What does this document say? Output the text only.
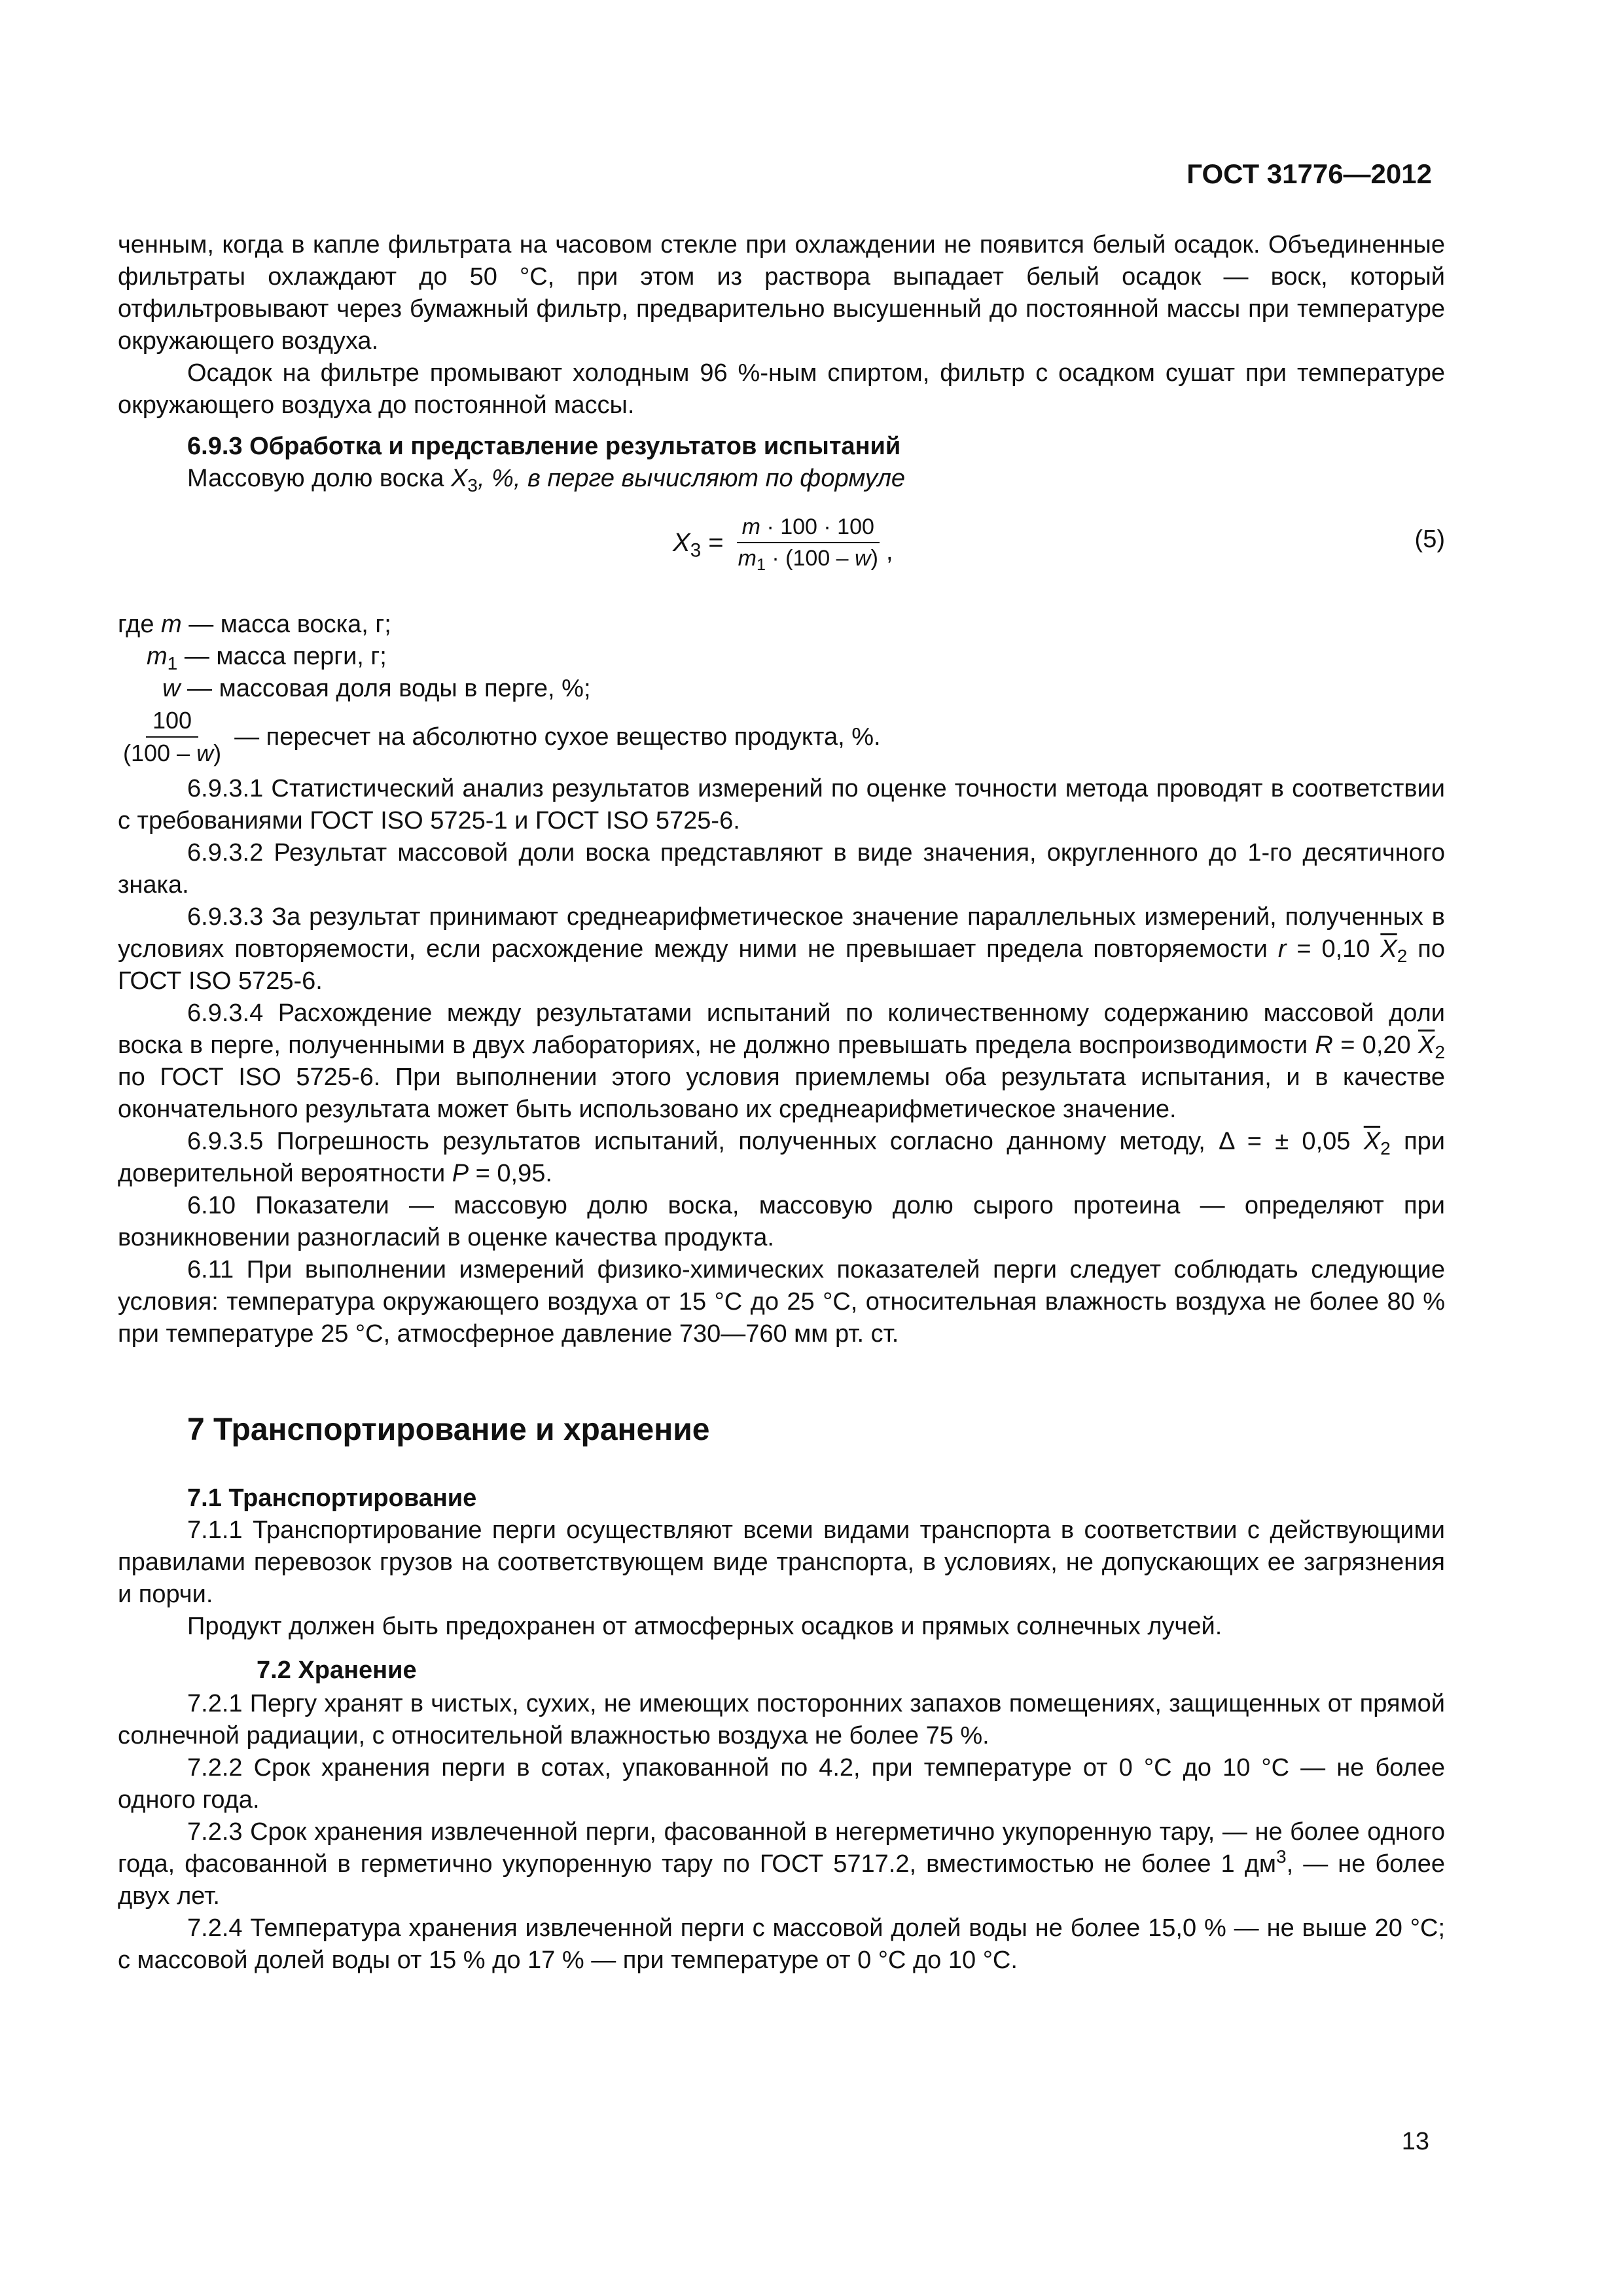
ГОСТ 31776—2012

ченным, когда в капле фильтрата на часовом стекле при охлаждении не появится белый осадок. Объединенные фильтраты охлаждают до 50 °С, при этом из раствора выпадает белый осадок — воск, который отфильтровывают через бумажный фильтр, предварительно высушенный до постоянной массы при температуре окружающего воздуха.

Осадок на фильтре промывают холодным 96 %-ным спиртом, фильтр с осадком сушат при температуре окружающего воздуха до постоянной массы.

6.9.3 Обработка и представление результатов испытаний

Массовую долю воска $X_3$, %, в перге вычисляют по формуле

$X_3 = \frac{m \cdot 100 \cdot 100}{m_1 \cdot (100 - w)}$ ,	(5)

где m — масса воска, г;

$m_1$ — масса перги, г;

w — массовая доля воды в перге, %;

$\frac{100}{(100 - w)}$ — пересчет на абсолютно сухое вещество продукта, %.

6.9.3.1 Статистический анализ результатов измерений по оценке точности метода проводят в соответствии с требованиями ГОСТ ISO 5725-1 и ГОСТ ISO 5725-6.

6.9.3.2 Результат массовой доли воска представляют в виде значения, округленного до 1-го десятичного знака.

6.9.3.3 За результат принимают среднеарифметическое значение параллельных измерений, полученных в условиях повторяемости, если расхождение между ними не превышает предела повторяемости r = 0,10 $\overline{X}_2$ по ГОСТ ISO 5725-6.

6.9.3.4 Расхождение между результатами испытаний по количественному содержанию массовой доли воска в перге, полученными в двух лабораториях, не должно превышать предела воспроизводимости R = 0,20 $\overline{X}_2$ по ГОСТ ISO 5725-6. При выполнении этого условия приемлемы оба результата испытания, и в качестве окончательного результата может быть использовано их среднеарифметическое значение.

6.9.3.5 Погрешность результатов испытаний, полученных согласно данному методу, Δ = ± 0,05 $\overline{X}_2$ при доверительной вероятности P = 0,95.

6.10 Показатели — массовую долю воска, массовую долю сырого протеина — определяют при возникновении разногласий в оценке качества продукта.

6.11 При выполнении измерений физико-химических показателей перги следует соблюдать следующие условия: температура окружающего воздуха от 15 °С до 25 °С, относительная влажность воздуха не более 80 % при температуре 25 °С, атмосферное давление 730—760 мм рт. ст.

7 Транспортирование и хранение

7.1 Транспортирование

7.1.1 Транспортирование перги осуществляют всеми видами транспорта в соответствии с действующими правилами перевозок грузов на соответствующем виде транспорта, в условиях, не допускающих ее загрязнения и порчи.

Продукт должен быть предохранен от атмосферных осадков и прямых солнечных лучей.

7.2 Хранение

7.2.1 Пергу хранят в чистых, сухих, не имеющих посторонних запахов помещениях, защищенных от прямой солнечной радиации, с относительной влажностью воздуха не более 75 %.

7.2.2 Срок хранения перги в сотах, упакованной по 4.2, при температуре от 0 °С до 10 °С — не более одного года.

7.2.3 Срок хранения извлеченной перги, фасованной в негерметично укупоренную тару, — не более одного года, фасованной в герметично укупоренную тару по ГОСТ 5717.2, вместимостью не более 1 $дм^3$, — не более двух лет.

7.2.4 Температура хранения извлеченной перги с массовой долей воды не более 15,0 % — не выше 20 °С; с массовой долей воды от 15 % до 17 % — при температуре от 0 °С до 10 °С.

13
